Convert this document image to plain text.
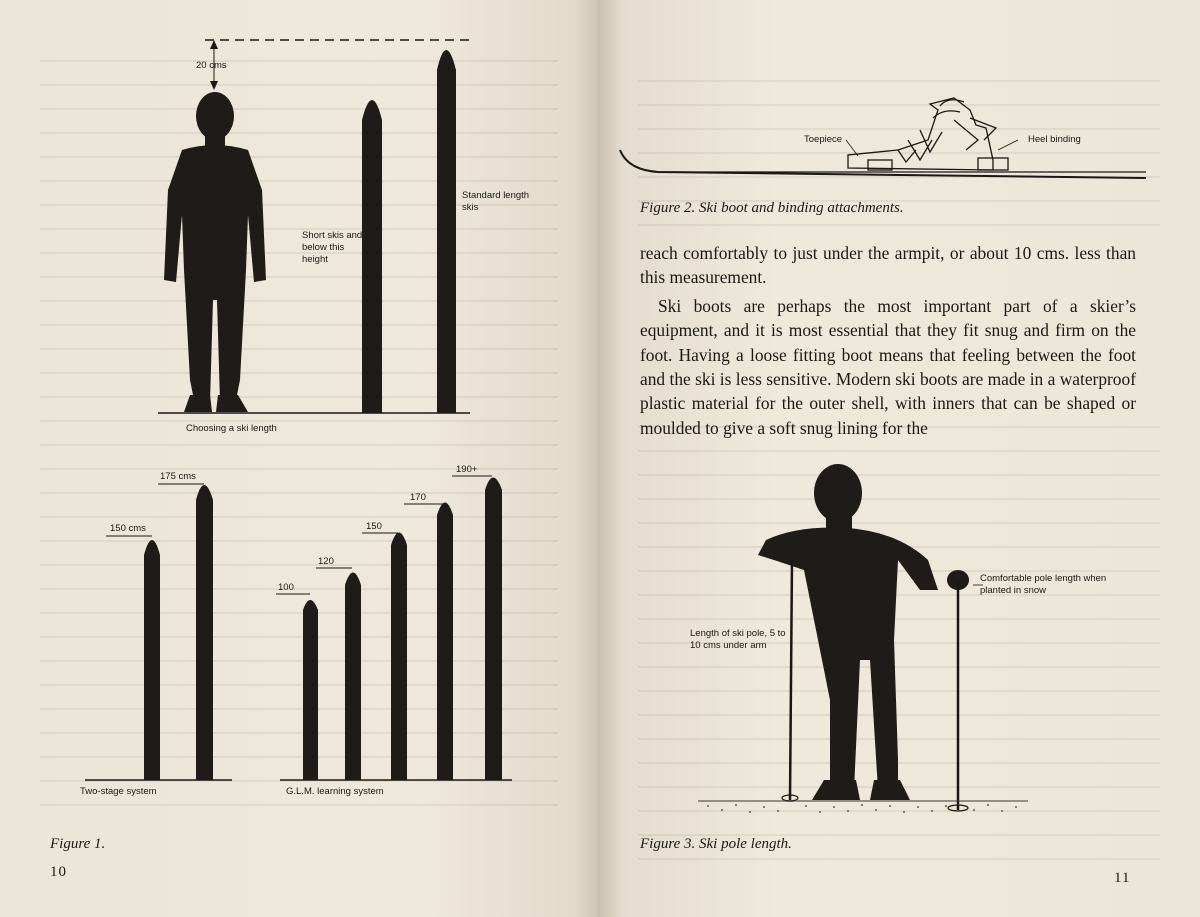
20 cms
Short skis and below this height
Standard length skis
Choosing a ski length
150 cms
175 cms
Two-stage system
100
120
150
170
190+
G.L.M. learning system
Figure 1.
10
Toepiece	Heel binding
Figure 2. Ski boot and binding attachments.

reach comfortably to just under the armpit, or about 10 cms. less than this measurement.

Ski boots are perhaps the most important part of a skier’s equipment, and it is most essential that they fit snug and firm on the foot. Having a loose fitting boot means that feeling between the foot and the ski is less sensitive. Modern ski boots are made in a waterproof plastic material for the outer shell, with inners that can be shaped or moulded to give a soft snug lining for the

Comfortable pole length when planted in snow
Length of ski pole, 5 to 10 cms under arm
Figure 3. Ski pole length.
11
